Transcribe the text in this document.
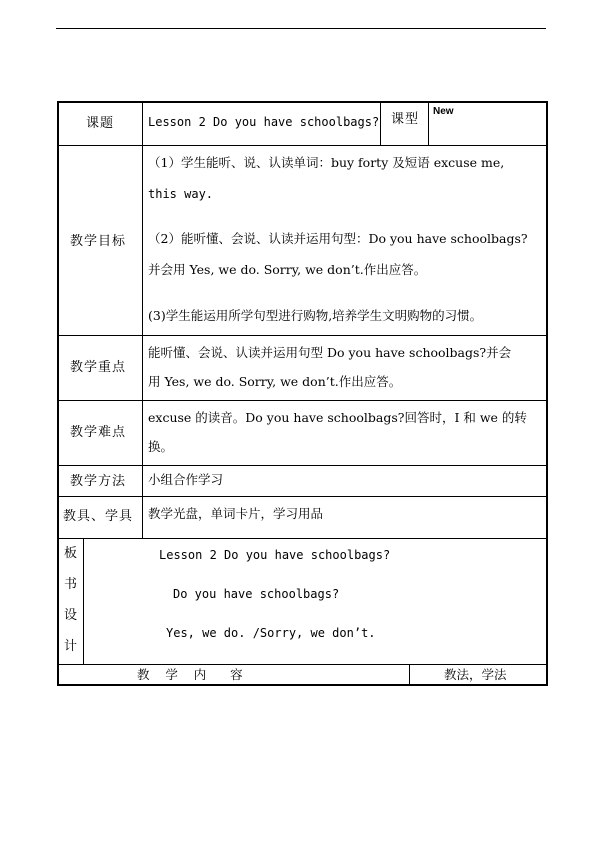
课题	Lesson 2 Do you have schoolbags? 课型
New
教学目标
（1）学生能听、说、认读单词：buy forty 及短语 excuse me,
this way.
（2）能听懂、会说、认读并运用句型：Do you have schoolbags?
并会用 Yes, we do. Sorry, we don’t.作出应答。
(3)学生能运用所学句型进行购物,培养学生文明购物的习惯。
教学重点
能听懂、会说、认读并运用句型 Do you have schoolbags?并会
用 Yes, we do. Sorry, we don’t.作出应答。
教学难点
excuse 的读音。Do you have schoolbags?回答时，I 和 we 的转
换。
教学方法 小组合作学习
教具、学具 教学光盘，单词卡片，学习用品
板
书
设
计
Lesson 2 Do you have schoolbags?
Do you have schoolbags?
Yes, we do. /Sorry, we don’t.
教    学    内      容	教法，学法
